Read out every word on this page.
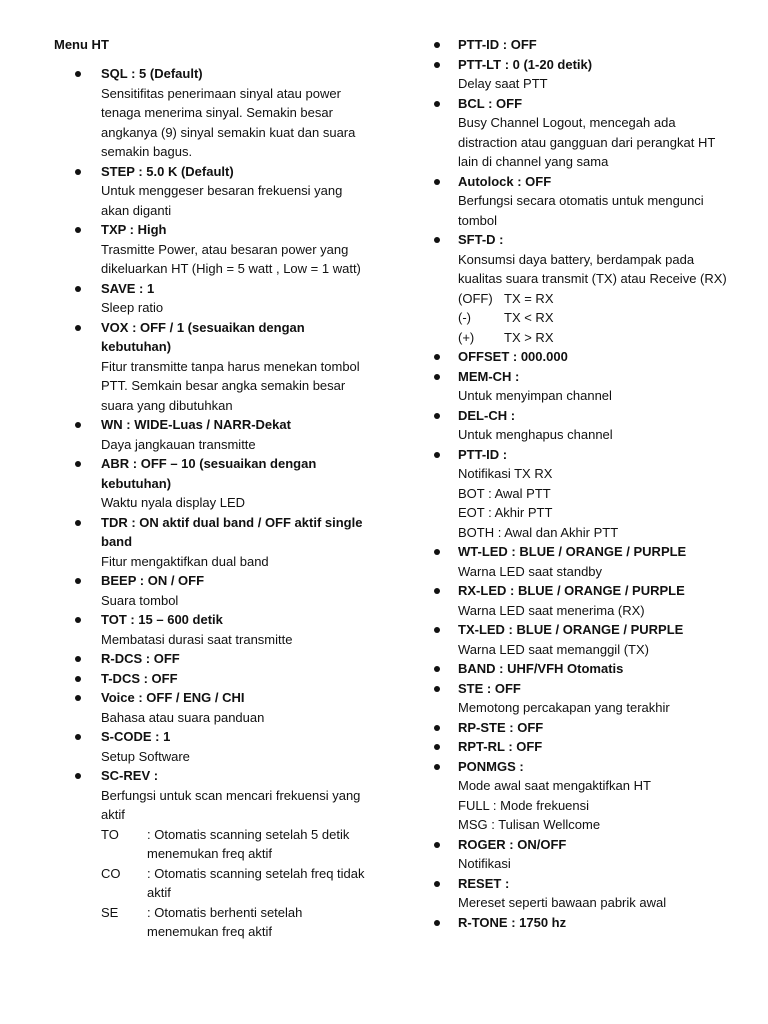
Menu HT
SQL : 5 (Default)
Sensitifitas penerimaan sinyal atau power tenaga menerima sinyal. Semakin besar angkanya (9) sinyal semakin kuat dan suara semakin bagus.
STEP : 5.0 K (Default)
Untuk menggeser besaran frekuensi yang akan diganti
TXP : High
Trasmitte Power, atau besaran power yang dikeluarkan HT (High = 5 watt , Low = 1 watt)
SAVE : 1
Sleep ratio
VOX : OFF / 1 (sesuaikan dengan kebutuhan)
Fitur transmitte tanpa harus menekan tombol PTT. Semkain besar angka semakin besar suara yang dibutuhkan
WN : WIDE-Luas / NARR-Dekat
Daya jangkauan transmitte
ABR : OFF – 10 (sesuaikan dengan kebutuhan)
Waktu nyala display LED
TDR : ON aktif dual band / OFF aktif single band
Fitur mengaktifkan dual band
BEEP : ON / OFF
Suara tombol
TOT : 15 – 600 detik
Membatasi durasi saat transmitte
R-DCS : OFF
T-DCS : OFF
Voice : OFF / ENG / CHI
Bahasa atau suara panduan
S-CODE : 1
Setup Software
SC-REV :
Berfungsi untuk scan mencari frekuensi yang aktif
TO	: Otomatis scanning setelah 5 detik menemukan freq aktif
CO	: Otomatis scanning setelah freq tidak aktif
SE	: Otomatis berhenti setelah menemukan freq aktif
PTT-ID : OFF
PTT-LT : 0 (1-20 detik)
Delay saat PTT
BCL : OFF
Busy Channel Logout, mencegah ada distraction atau gangguan dari perangkat HT lain di channel yang sama
Autolock : OFF
Berfungsi secara otomatis untuk mengunci tombol
SFT-D :
Konsumsi daya battery, berdampak pada kualitas suara transmit (TX) atau Receive (RX)
(OFF) TX = RX
(-)	TX < RX
(+)	TX > RX
OFFSET : 000.000
MEM-CH :
Untuk menyimpan channel
DEL-CH :
Untuk menghapus channel
PTT-ID :
Notifikasi TX RX
BOT : Awal PTT
EOT : Akhir PTT
BOTH : Awal dan Akhir PTT
WT-LED : BLUE / ORANGE / PURPLE
Warna LED saat standby
RX-LED : BLUE / ORANGE / PURPLE
Warna LED saat menerima (RX)
TX-LED : BLUE / ORANGE / PURPLE
Warna LED saat memanggil (TX)
BAND : UHF/VFH Otomatis
STE : OFF
Memotong percakapan yang terakhir
RP-STE : OFF
RPT-RL : OFF
PONMGS :
Mode awal saat mengaktifkan HT
FULL : Mode frekuensi
MSG : Tulisan Wellcome
ROGER : ON/OFF
Notifikasi
RESET :
Mereset seperti bawaan pabrik awal
R-TONE : 1750 hz
